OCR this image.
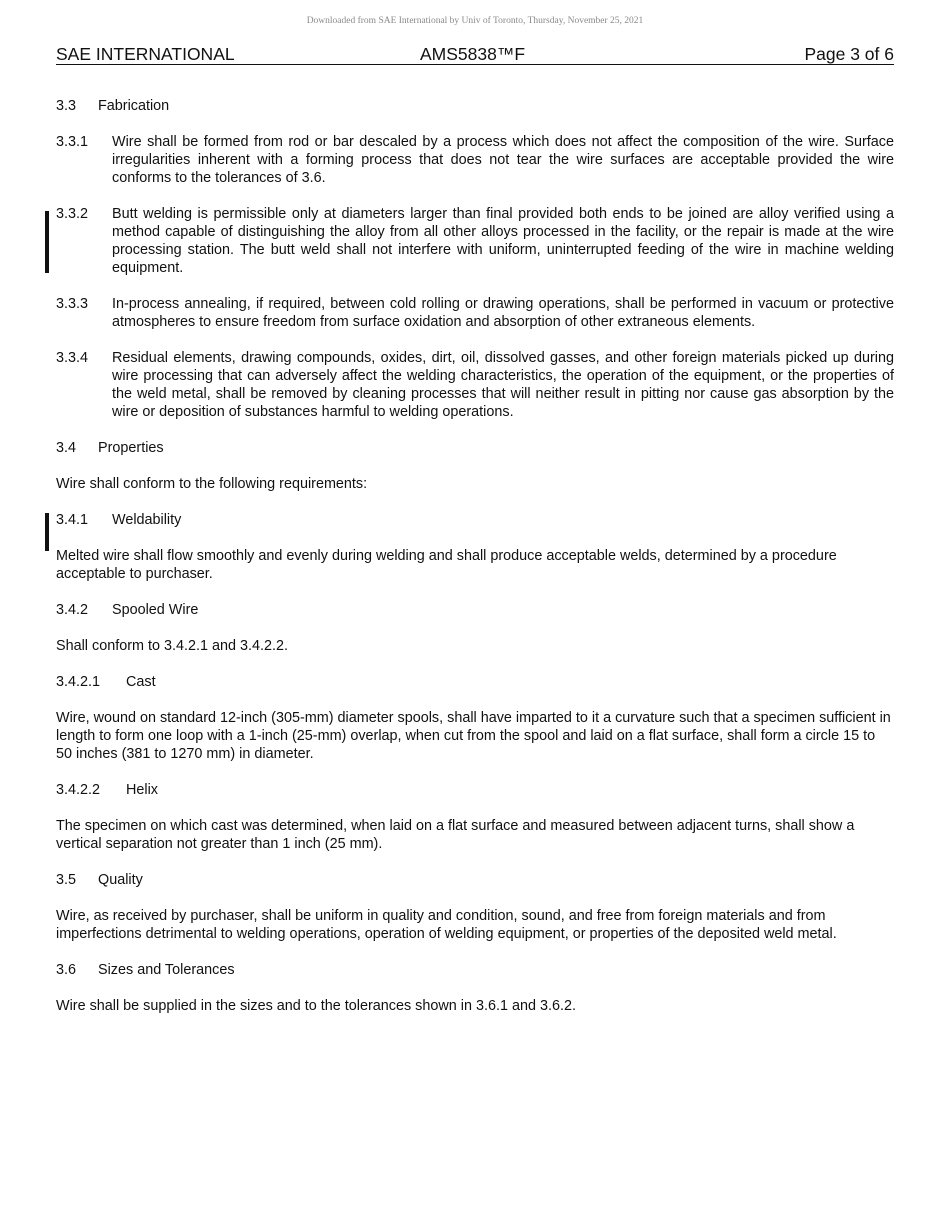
Downloaded from SAE International by Univ of Toronto, Thursday, November 25, 2021
SAE INTERNATIONAL	AMS5838™F	Page 3 of 6

3.3 Fabrication

3.3.1	Wire shall be formed from rod or bar descaled by a process which does not affect the composition of the wire. Surface irregularities inherent with a forming process that does not tear the wire surfaces are acceptable provided the wire conforms to the tolerances of 3.6.
3.3.2	Butt welding is permissible only at diameters larger than final provided both ends to be joined are alloy verified using a method capable of distinguishing the alloy from all other alloys processed in the facility, or the repair is made at the wire processing station. The butt weld shall not interfere with uniform, uninterrupted feeding of the wire in machine welding equipment.
3.3.3	In-process annealing, if required, between cold rolling or drawing operations, shall be performed in vacuum or protective atmospheres to ensure freedom from surface oxidation and absorption of other extraneous elements.
3.3.4	Residual elements, drawing compounds, oxides, dirt, oil, dissolved gasses, and other foreign materials picked up during wire processing that can adversely affect the welding characteristics, the operation of the equipment, or the properties of the weld metal, shall be removed by cleaning processes that will neither result in pitting nor cause gas absorption by the wire or deposition of substances harmful to welding operations.

3.4 Properties

Wire shall conform to the following requirements:

3.4.1 Weldability

Melted wire shall flow smoothly and evenly during welding and shall produce acceptable welds, determined by a procedure acceptable to purchaser.

3.4.2 Spooled Wire

Shall conform to 3.4.2.1 and 3.4.2.2.

3.4.2.1 Cast

Wire, wound on standard 12-inch (305-mm) diameter spools, shall have imparted to it a curvature such that a specimen sufficient in length to form one loop with a 1-inch (25-mm) overlap, when cut from the spool and laid on a flat surface, shall form a circle 15 to 50 inches (381 to 1270 mm) in diameter.

3.4.2.2 Helix

The specimen on which cast was determined, when laid on a flat surface and measured between adjacent turns, shall show a vertical separation not greater than 1 inch (25 mm).

3.5 Quality

Wire, as received by purchaser, shall be uniform in quality and condition, sound, and free from foreign materials and from imperfections detrimental to welding operations, operation of welding equipment, or properties of the deposited weld metal.

3.6 Sizes and Tolerances

Wire shall be supplied in the sizes and to the tolerances shown in 3.6.1 and 3.6.2.
